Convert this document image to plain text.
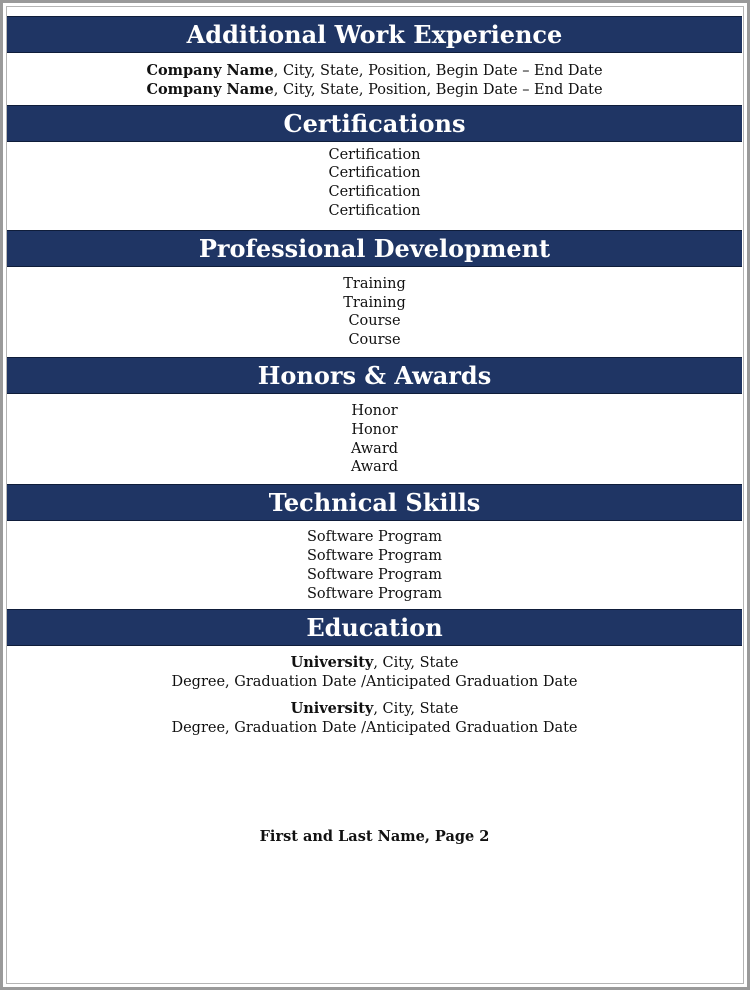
Additional Work Experience
Company Name, City, State, Position, Begin Date – End Date
Company Name, City, State, Position, Begin Date – End Date
Certifications
Certification
Certification
Certification
Certification
Professional Development
Training
Training
Course
Course
Honors & Awards
Honor
Honor
Award
Award
Technical Skills
Software Program
Software Program
Software Program
Software Program
Education
University, City, State
Degree, Graduation Date /Anticipated Graduation Date
University, City, State
Degree, Graduation Date /Anticipated Graduation Date
First and Last Name, Page 2
